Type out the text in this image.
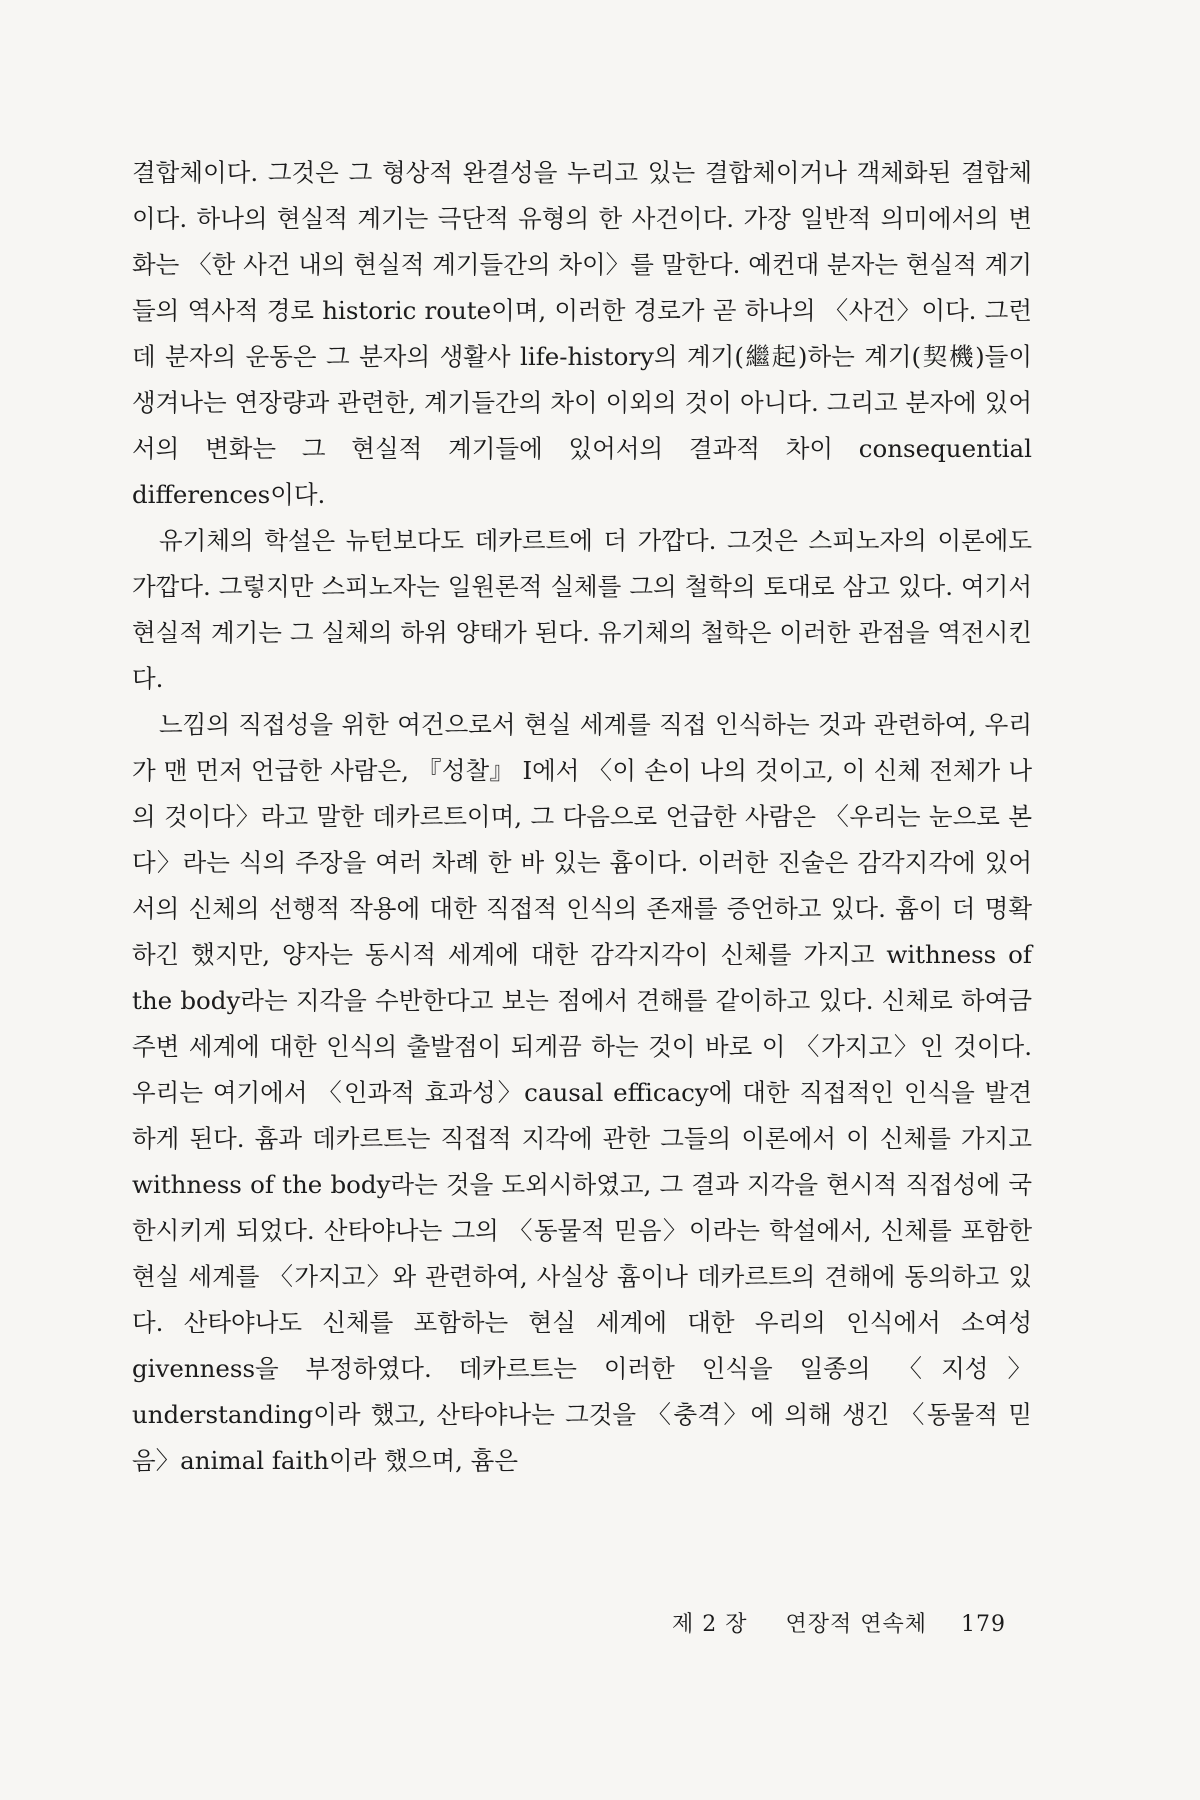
결합체이다. 그것은 그 형상적 완결성을 누리고 있는 결합체이거나 객체화된 결합체이다. 하나의 현실적 계기는 극단적 유형의 한 사건이다. 가장 일반적 의미에서의 변화는 〈한 사건 내의 현실적 계기들간의 차이〉를 말한다. 예컨대 분자는 현실적 계기들의 역사적 경로 historic route이며, 이러한 경로가 곧 하나의 〈사건〉이다. 그런데 분자의 운동은 그 분자의 생활사 life-history의 계기(繼起)하는 계기(契機)들이 생겨나는 연장량과 관련한, 계기들간의 차이 이외의 것이 아니다. 그리고 분자에 있어서의 변화는 그 현실적 계기들에 있어서의 결과적 차이 consequential differences이다.

유기체의 학설은 뉴턴보다도 데카르트에 더 가깝다. 그것은 스피노자의 이론에도 가깝다. 그렇지만 스피노자는 일원론적 실체를 그의 철학의 토대로 삼고 있다. 여기서 현실적 계기는 그 실체의 하위 양태가 된다. 유기체의 철학은 이러한 관점을 역전시킨다.

느낌의 직접성을 위한 여건으로서 현실 세계를 직접 인식하는 것과 관련하여, 우리가 맨 먼저 언급한 사람은, 『성찰』 I에서 〈이 손이 나의 것이고, 이 신체 전체가 나의 것이다〉라고 말한 데카르트이며, 그 다음으로 언급한 사람은 〈우리는 눈으로 본다〉라는 식의 주장을 여러 차례 한 바 있는 흄이다. 이러한 진술은 감각지각에 있어서의 신체의 선행적 작용에 대한 직접적 인식의 존재를 증언하고 있다. 흄이 더 명확하긴 했지만, 양자는 동시적 세계에 대한 감각지각이 신체를 가지고 withness of the body라는 지각을 수반한다고 보는 점에서 견해를 같이하고 있다. 신체로 하여금 주변 세계에 대한 인식의 출발점이 되게끔 하는 것이 바로 이 〈가지고〉인 것이다. 우리는 여기에서 〈인과적 효과성〉causal efficacy에 대한 직접적인 인식을 발견하게 된다. 흄과 데카르트는 직접적 지각에 관한 그들의 이론에서 이 신체를 가지고 withness of the body라는 것을 도외시하였고, 그 결과 지각을 현시적 직접성에 국한시키게 되었다. 산타야나는 그의 〈동물적 믿음〉이라는 학설에서, 신체를 포함한 현실 세계를 〈가지고〉와 관련하여, 사실상 흄이나 데카르트의 견해에 동의하고 있다. 산타야나도 신체를 포함하는 현실 세계에 대한 우리의 인식에서 소여성 givenness을 부정하였다. 데카르트는 이러한 인식을 일종의 〈지성〉understanding이라 했고, 산타야나는 그것을 〈충격〉에 의해 생긴 〈동물적 믿음〉animal faith이라 했으며, 흄은

제 2 장 연장적 연속체 179
